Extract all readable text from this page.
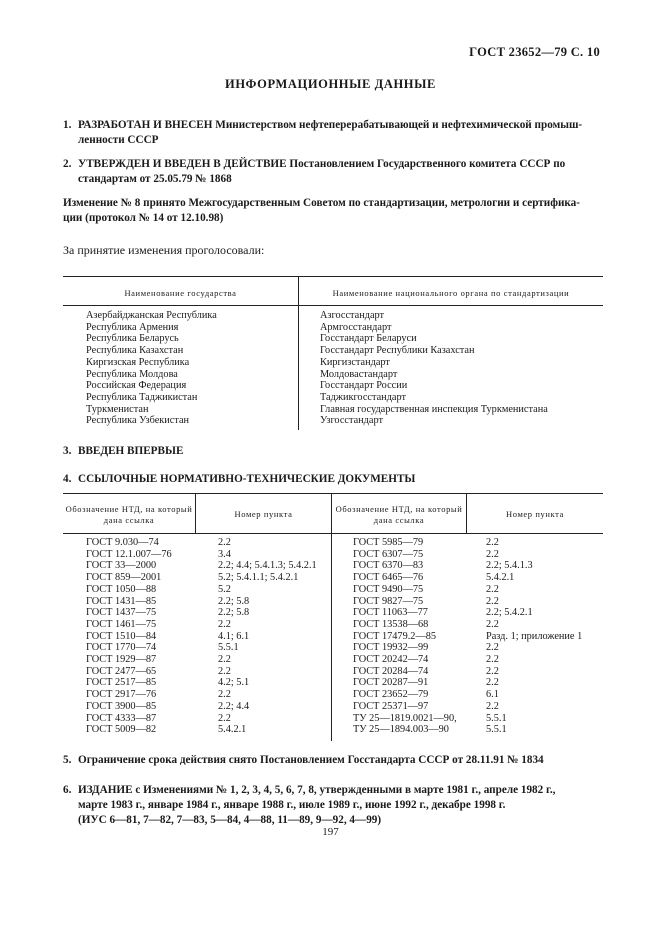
ГОСТ 23652—79 С. 10
ИНФОРМАЦИОННЫЕ ДАННЫЕ
1. РАЗРАБОТАН И ВНЕСЕН Министерством нефтеперерабатывающей и нефтехимической промыш-
ленности СССР
2. УТВЕРЖДЕН И ВВЕДЕН В ДЕЙСТВИЕ Постановлением Государственного комитета СССР по
стандартам от 25.05.79 № 1868
Изменение № 8 принято Межгосударственным Советом по стандартизации, метрологии и сертифика-
ции (протокол № 14 от 12.10.98)
За принятие изменения проголосовали:
Наименование государства	Наименование национального органа по стандартизации
Азербайджанская Республика
Республика Армения
Республика Беларусь
Республика Казахстан
Киргизская Республика
Республика Молдова
Российская Федерация
Республика Таджикистан
Туркменистан
Республика Узбекистан
Азгосстандарт
Армгосстандарт
Госстандарт Беларуси
Госстандарт Республики Казахстан
Киргизстандарт
Молдовастандарт
Госстандарт России
Таджикгосстандарт
Главная государственная инспекция Туркменистана
Узгосстандарт
3. ВВЕДЕН ВПЕРВЫЕ
4. ССЫЛОЧНЫЕ НОРМАТИВНО-ТЕХНИЧЕСКИЕ ДОКУМЕНТЫ
Обозначение НТД, на который дана ссылка
Номер пункта	Обозначение НТД, на который дана ссылка
Номер пункта
ГОСТ 9.030—74
ГОСТ 12.1.007—76
ГОСТ 33—2000
ГОСТ 859—2001
ГОСТ 1050—88
ГОСТ 1431—85
ГОСТ 1437—75
ГОСТ 1461—75
ГОСТ 1510—84
ГОСТ 1770—74
ГОСТ 1929—87
ГОСТ 2477—65
ГОСТ 2517—85
ГОСТ 2917—76
ГОСТ 3900—85
ГОСТ 4333—87
ГОСТ 5009—82
2.2
3.4
2.2; 4.4; 5.4.1.3; 5.4.2.1
5.2; 5.4.1.1; 5.4.2.1
5.2
2.2; 5.8
2.2; 5.8
2.2
4.1; 6.1
5.5.1
2.2
2.2
4.2; 5.1
2.2
2.2; 4.4
2.2
5.4.2.1
ГОСТ 5985—79
ГОСТ 6307—75
ГОСТ 6370—83
ГОСТ 6465—76
ГОСТ 9490—75
ГОСТ 9827—75
ГОСТ 11063—77
ГОСТ 13538—68
ГОСТ 17479.2—85
ГОСТ 19932—99
ГОСТ 20242—74
ГОСТ 20284—74
ГОСТ 20287—91
ГОСТ 23652—79
ГОСТ 25371—97
ТУ 25—1819.0021—90,
ТУ 25—1894.003—90
2.2
2.2
2.2; 5.4.1.3
5.4.2.1
2.2
2.2
2.2; 5.4.2.1
2.2
Разд. 1; приложение 1
2.2
2.2
2.2
2.2
6.1
2.2
5.5.1
5.5.1
5. Ограничение срока действия снято Постановлением Госстандарта СССР от 28.11.91 № 1834
6. ИЗДАНИЕ с Изменениями № 1, 2, 3, 4, 5, 6, 7, 8, утвержденными в марте 1981 г., апреле 1982 г.,
марте 1983 г., январе 1984 г., январе 1988 г., июле 1989 г., июне 1992 г., декабре 1998 г.
(ИУС 6—81, 7—82, 7—83, 5—84, 4—88, 11—89, 9—92, 4—99)
197
